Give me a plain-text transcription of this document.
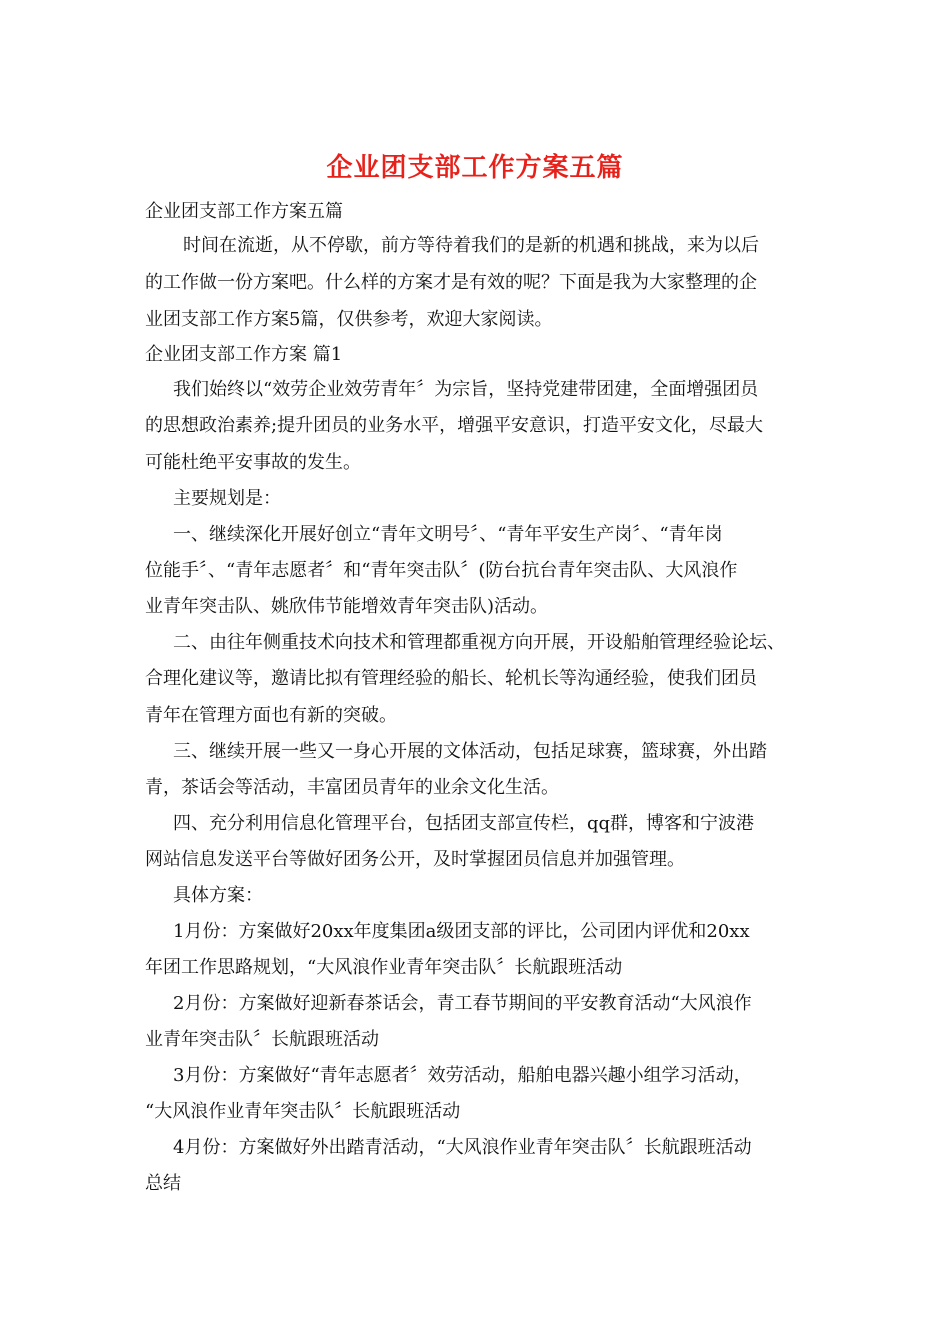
企业团支部工作方案五篇
企业团支部工作方案五篇
　时间在流逝，从不停歇，前方等待着我们的是新的机遇和挑战，来为以后
的工作做一份方案吧。什么样的方案才是有效的呢？下面是我为大家整理的企
业团支部工作方案5篇，仅供参考，欢迎大家阅读。
企业团支部工作方案 篇1
我们始终以“效劳企业效劳青年〞为宗旨，坚持党建带团建，全面增强团员
的思想政治素养;提升团员的业务水平，增强平安意识，打造平安文化，尽最大
可能杜绝平安事故的发生。
主要规划是：
一、继续深化开展好创立“青年文明号〞、“青年平安生产岗〞、“青年岗
位能手〞、“青年志愿者〞和“青年突击队〞(防台抗台青年突击队、大风浪作
业青年突击队、姚欣伟节能增效青年突击队)活动。
二、由往年侧重技术向技术和管理都重视方向开展，开设船舶管理经验论坛、
合理化建议等，邀请比拟有管理经验的船长、轮机长等沟通经验，使我们团员
青年在管理方面也有新的突破。
三、继续开展一些又一身心开展的文体活动，包括足球赛，篮球赛，外出踏
青，茶话会等活动，丰富团员青年的业余文化生活。
四、充分利用信息化管理平台，包括团支部宣传栏，qq群，博客和宁波港
网站信息发送平台等做好团务公开，及时掌握团员信息并加强管理。
具体方案：
1月份：方案做好20xx年度集团a级团支部的评比，公司团内评优和20xx
年团工作思路规划，“大风浪作业青年突击队〞长航跟班活动
2月份：方案做好迎新春茶话会，青工春节期间的平安教育活动“大风浪作
业青年突击队〞长航跟班活动
3月份：方案做好“青年志愿者〞效劳活动，船舶电器兴趣小组学习活动，
“大风浪作业青年突击队〞长航跟班活动
4月份：方案做好外出踏青活动，“大风浪作业青年突击队〞长航跟班活动
总结
